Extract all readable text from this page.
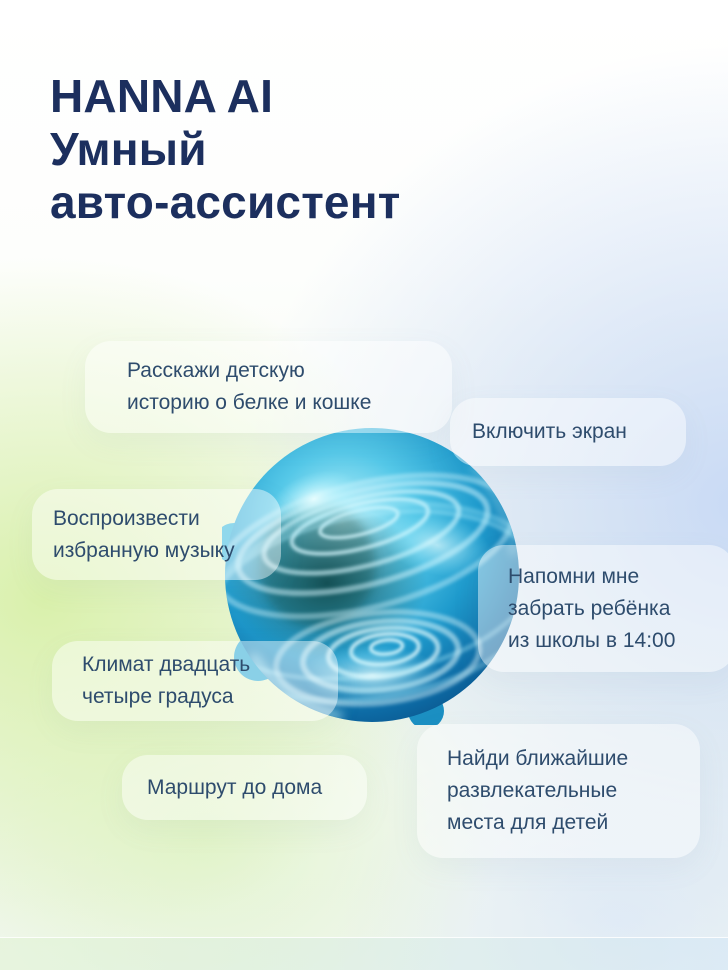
HANNA AI
Умный
авто-ассистент
Расскажи детскую
историю о белке и кошке
Включить экран
Воспроизвести
избранную музыку
Напомни мне
забрать ребёнка
из школы в 14:00
Климат двадцать
четыре градуса
Найди ближайшие
развлекательные
места для детей
Маршрут до дома
